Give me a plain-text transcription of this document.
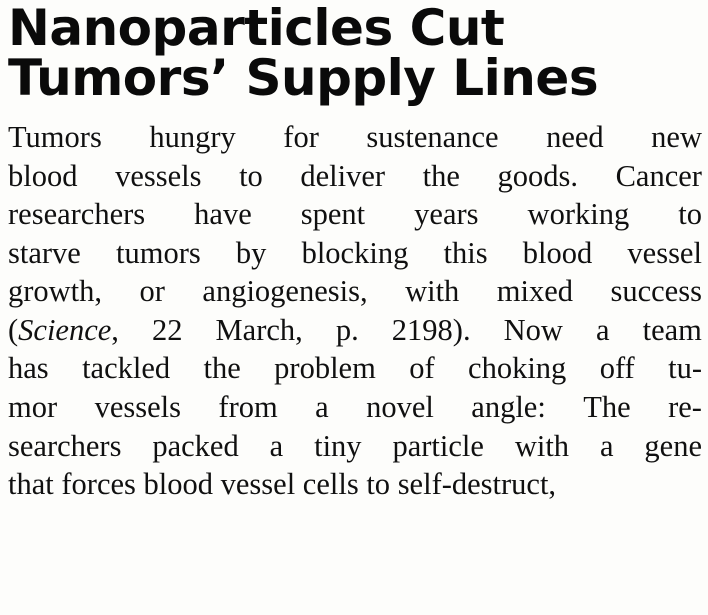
Nanoparticles Cut
Tumors’ Supply Lines
Tumors hungry for sustenance need new
blood vessels to deliver the goods. Cancer
researchers have spent years working to
starve tumors by blocking this blood vessel
growth, or angiogenesis, with mixed success
(Science, 22 March, p. 2198). Now a team
has tackled the problem of choking off tu-
mor vessels from a novel angle: The re-
searchers packed a tiny particle with a gene
that forces blood vessel cells to self-destruct,
